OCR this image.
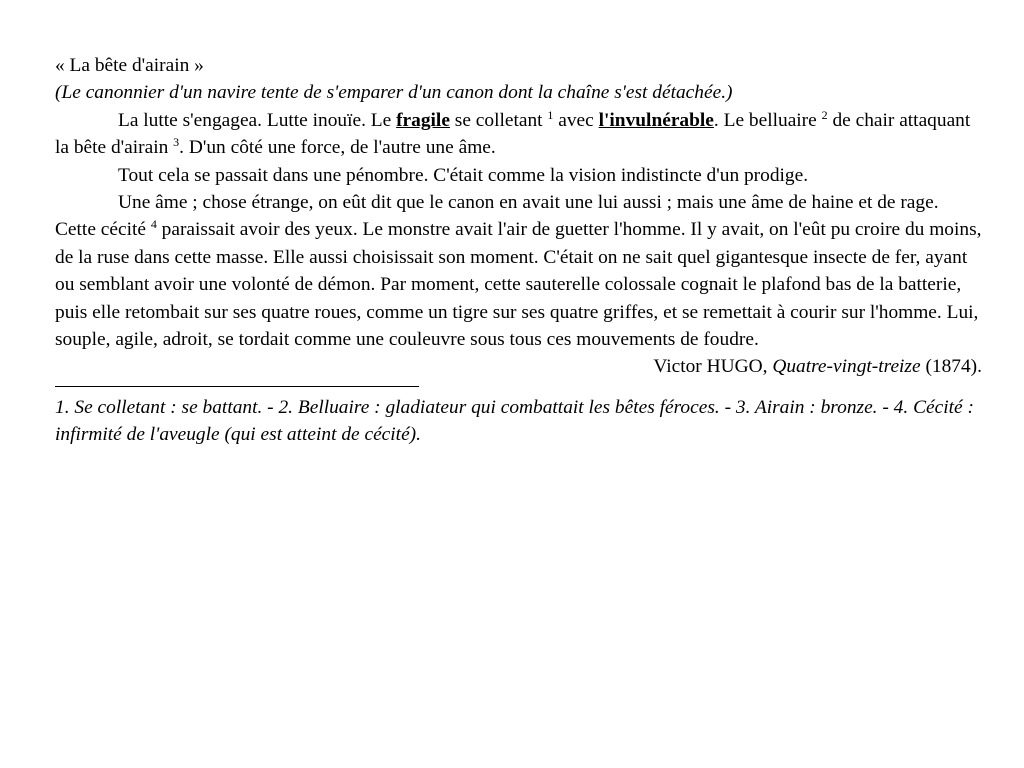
« La bête d'airain »

(Le canonnier d'un navire tente de s'emparer d'un canon dont la chaîne s'est détachée.)

La lutte s'engagea. Lutte inouïe. Le fragile se colletant $^1$ avec l'invulnérable. Le belluaire $^2$ de chair attaquant la bête d'airain $^3$. D'un côté une force, de l'autre une âme.

Tout cela se passait dans une pénombre. C'était comme la vision indistincte d'un prodige.

Une âme ; chose étrange, on eût dit que le canon en avait une lui aussi ; mais une âme de haine et de rage. Cette cécité $^4$ paraissait avoir des yeux. Le monstre avait l'air de guetter l'homme. Il y avait, on l'eût pu croire du moins, de la ruse dans cette masse. Elle aussi choisissait son moment. C'était on ne sait quel gigantesque insecte de fer, ayant ou semblant avoir une volonté de démon. Par moment, cette sauterelle colossale cognait le plafond bas de la batterie, puis elle retombait sur ses quatre roues, comme un tigre sur ses quatre griffes, et se remettait à courir sur l'homme. Lui, souple, agile, adroit, se tordait comme une couleuvre sous tous ces mouvements de foudre.

Victor HUGO, Quatre-vingt-treize (1874).

1. Se colletant : se battant. - 2. Belluaire : gladiateur qui combattait les bêtes féroces. - 3. Airain : bronze. - 4. Cécité : infirmité de l'aveugle (qui est atteint de cécité).
